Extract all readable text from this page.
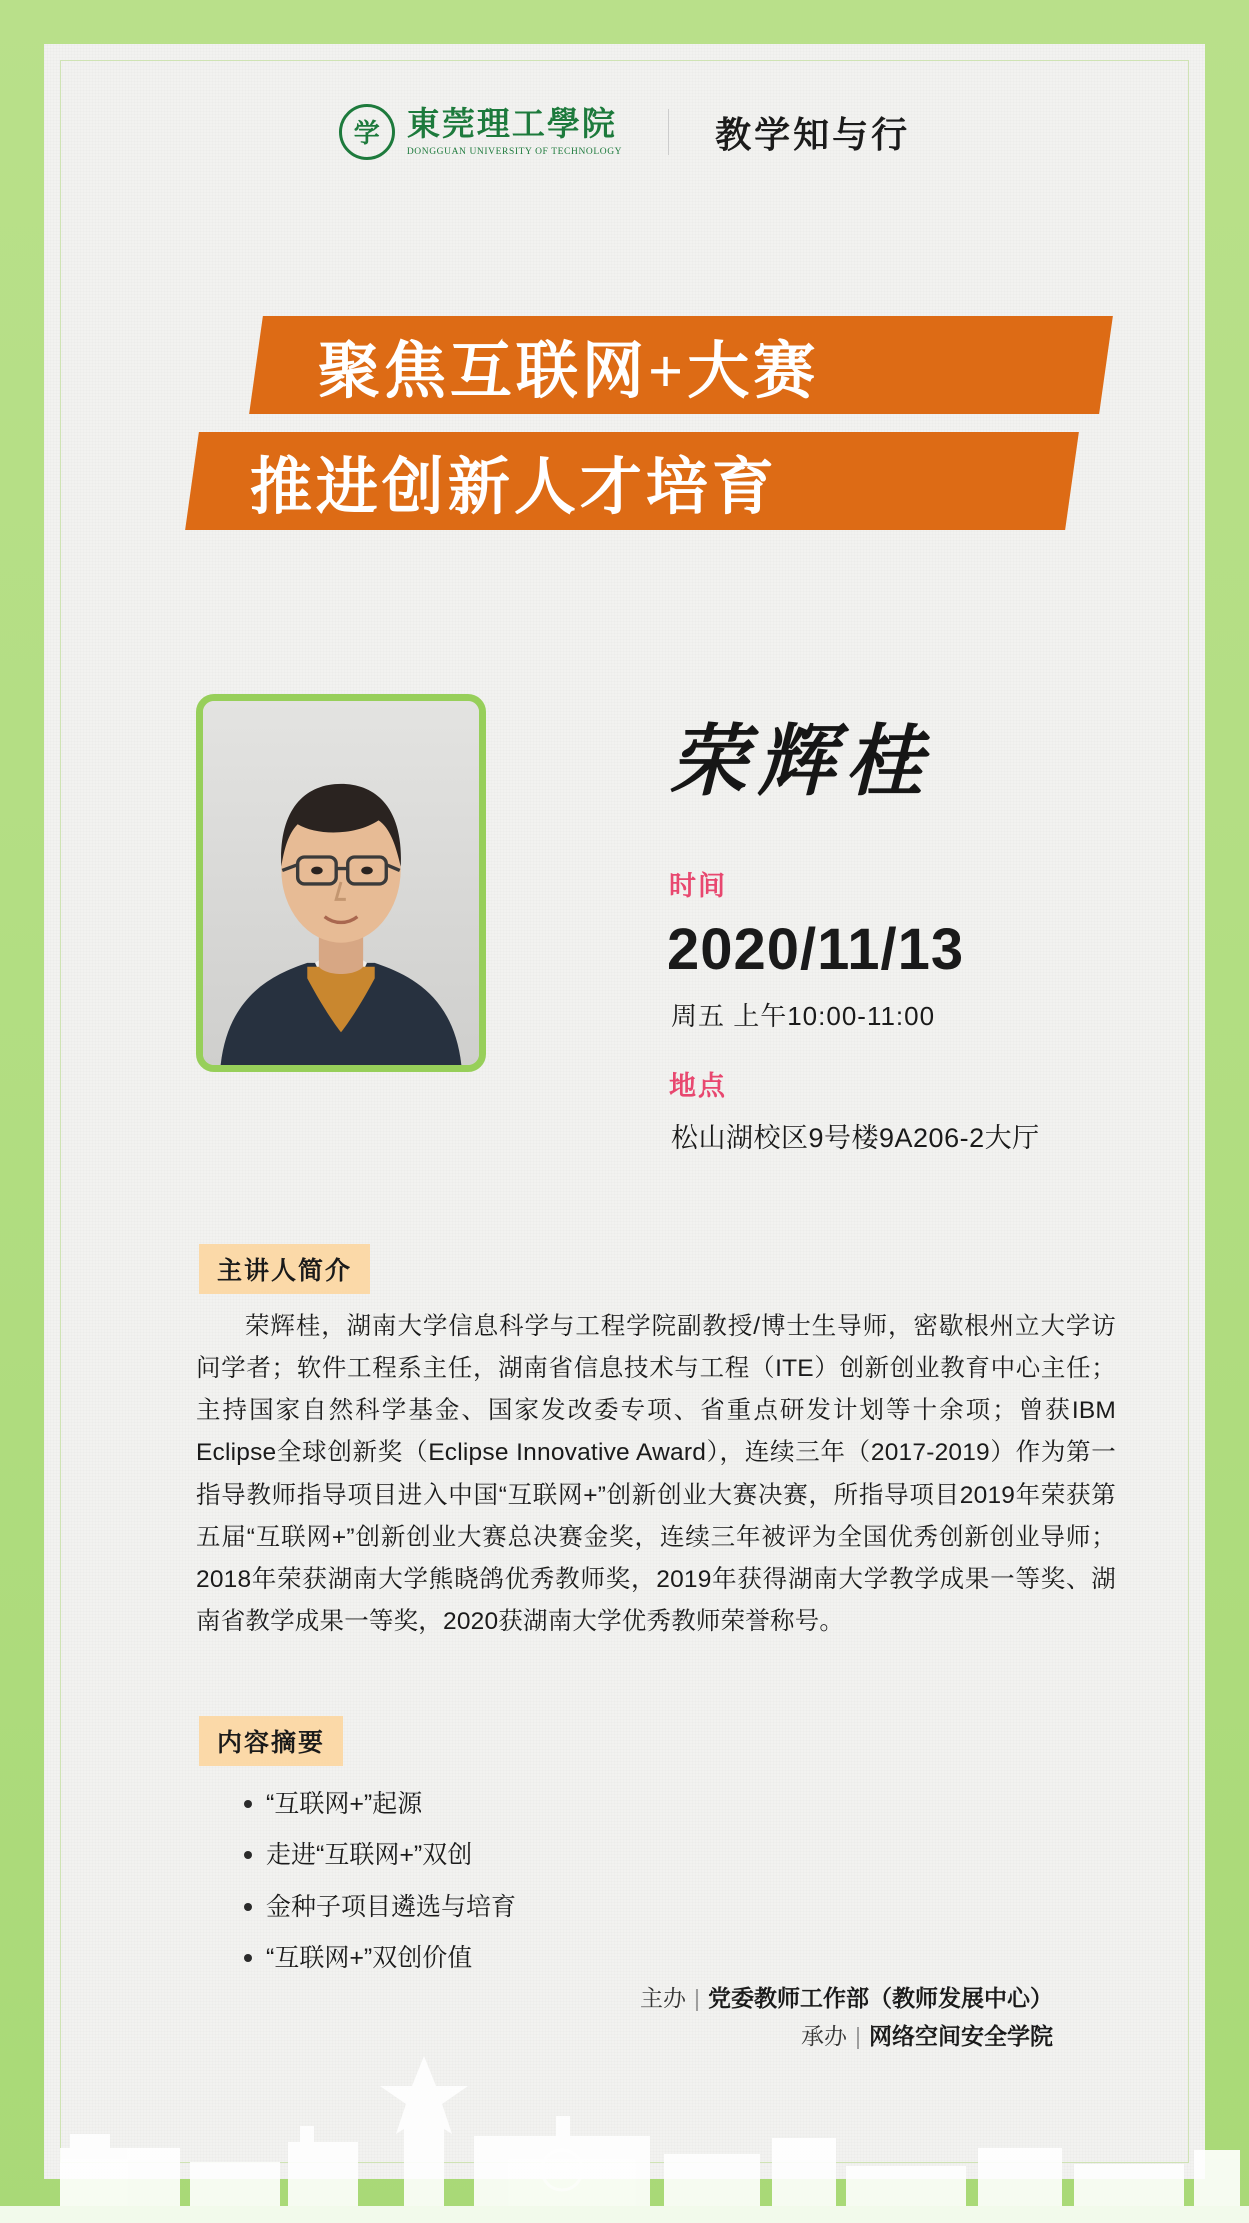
学 東莞理工學院
DONGGUAN UNIVERSITY OF TECHNOLOGY	教学知与行
聚焦互联网+大赛
推进创新人才培育
荣辉桂
时间
2020/11/13
周五 上午10:00-11:00
地点
松山湖校区9号楼9A206-2大厅
主讲人简介
荣辉桂，湖南大学信息科学与工程学院副教授/博士生导师，密歇根州立大学访问学者；软件工程系主任，湖南省信息技术与工程（ITE）创新创业教育中心主任；主持国家自然科学基金、国家发改委专项、省重点研发计划等十余项；曾获IBM Eclipse全球创新奖（Eclipse Innovative Award），连续三年（2017-2019）作为第一指导教师指导项目进入中国“互联网+”创新创业大赛决赛，所指导项目2019年荣获第五届“互联网+”创新创业大赛总决赛金奖，连续三年被评为全国优秀创新创业导师；2018年荣获湖南大学熊晓鸽优秀教师奖，2019年获得湖南大学教学成果一等奖、湖南省教学成果一等奖，2020获湖南大学优秀教师荣誉称号。
内容摘要
“互联网+”起源
走进“互联网+”双创
金种子项目遴选与培育
“互联网+”双创价值
主办 | 党委教师工作部（教师发展中心）
承办 | 网络空间安全学院
学
